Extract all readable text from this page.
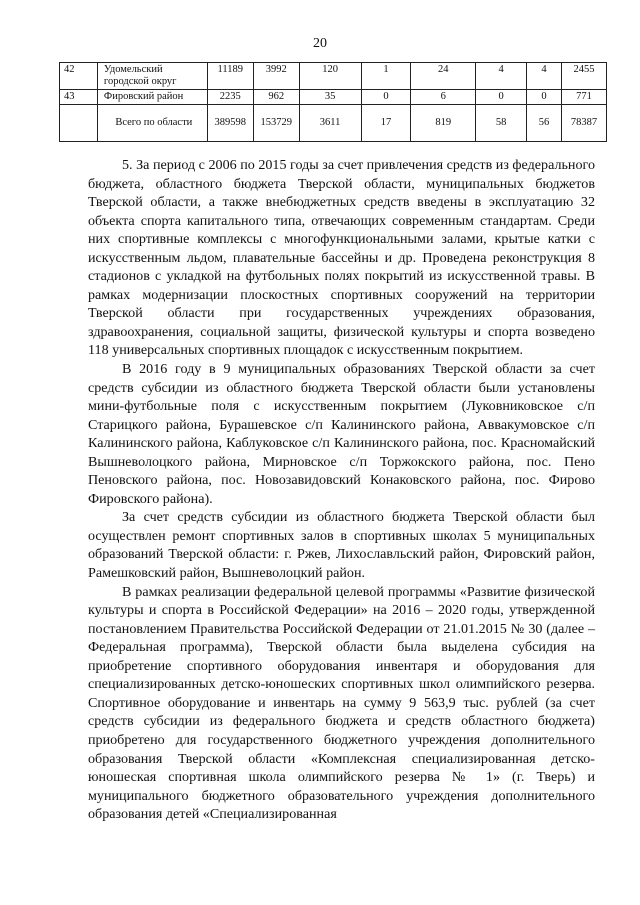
20
42	Удомельский городской округ	11189	3992	120	1	24	4	4	2455
43	Фировский район	2235	962	35	0	6	0	0	771
	Всего по области	389598	153729	3611	17	819	58	56	78387

5. За период с 2006 по 2015 годы за счет привлечения средств из федерального бюджета, областного бюджета Тверской области, муниципальных бюджетов Тверской области, а также внебюджетных средств введены в эксплуатацию 32 объекта спорта капитального типа, отвечающих современным стандартам. Среди них спортивные комплексы с многофункциональными залами, крытые катки с искусственным льдом, плавательные бассейны и др. Проведена реконструкция 8 стадионов с укладкой на футбольных полях покрытий из искусственной травы. В рамках модернизации плоскостных спортивных сооружений на территории Тверской области при государственных учреждениях образования, здравоохранения, социальной защиты, физической культуры и спорта возведено 118 универсальных спортивных площадок с искусственным покрытием.

В 2016 году в 9 муниципальных образованиях Тверской области за счет средств субсидии из областного бюджета Тверской области были установлены мини-футбольные поля с искусственным покрытием (Луковниковское с/п Старицкого района, Бурашевское с/п Калининского района, Аввакумовское с/п Калининского района, Каблуковское с/п Калининского района, пос. Красномайский Вышневолоцкого района, Мирновское с/п Торжокского района, пос. Пено Пеновского района, пос. Новозавидовский Конаковского района, пос. Фирово Фировского района).

За счет средств субсидии из областного бюджета Тверской области был осуществлен ремонт спортивных залов в спортивных школах 5 муниципальных образований Тверской области: г. Ржев, Лихославльский район, Фировский район, Рамешковский район, Вышневолоцкий район.

В рамках реализации федеральной целевой программы «Развитие физической культуры и спорта в Российской Федерации» на 2016 – 2020 годы, утвержденной постановлением Правительства Российской Федерации от 21.01.2015 № 30 (далее – Федеральная программа), Тверской области была выделена субсидия на приобретение спортивного оборудования инвентаря и оборудования для специализированных детско-юношеских спортивных школ олимпийского резерва. Спортивное оборудование и инвентарь на сумму 9 563,9 тыс. рублей (за счет средств субсидии из федерального бюджета и средств областного бюджета) приобретено для государственного бюджетного учреждения дополнительного образования Тверской области «Комплексная специализированная детско-юношеская спортивная школа олимпийского резерва № 1» (г. Тверь) и муниципального бюджетного образовательного учреждения дополнительного образования детей «Специализированная
